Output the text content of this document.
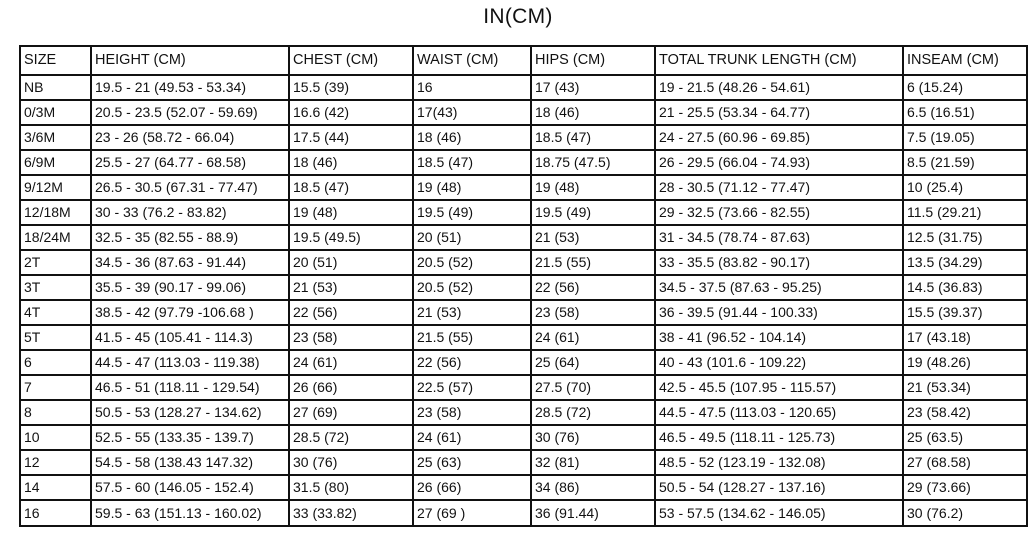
IN(CM)
SIZE	HEIGHT (CM)	CHEST (CM)	WAIST (CM)	HIPS (CM)	TOTAL TRUNK LENGTH (CM)	INSEAM (CM)
NB	19.5 - 21 (49.53 - 53.34)	15.5 (39)	16	17 (43)	19 - 21.5 (48.26 - 54.61)	6 (15.24)
0/3M	20.5 - 23.5 (52.07 - 59.69)	16.6 (42)	17(43)	18 (46)	21 - 25.5 (53.34 - 64.77)	6.5 (16.51)
3/6M	23 - 26 (58.72 - 66.04)	17.5 (44)	18 (46)	18.5 (47)	24 - 27.5 (60.96 - 69.85)	7.5 (19.05)
6/9M	25.5 - 27 (64.77 - 68.58)	18 (46)	18.5 (47)	18.75 (47.5)	26 - 29.5 (66.04 - 74.93)	8.5 (21.59)
9/12M	26.5 - 30.5 (67.31 - 77.47)	18.5 (47)	19 (48)	19 (48)	28 - 30.5 (71.12 - 77.47)	10 (25.4)
12/18M	30 - 33 (76.2 - 83.82)	19 (48)	19.5 (49)	19.5 (49)	29 - 32.5 (73.66 - 82.55)	11.5 (29.21)
18/24M	32.5 - 35 (82.55 - 88.9)	19.5 (49.5)	20 (51)	21 (53)	31 - 34.5 (78.74 - 87.63)	12.5 (31.75)
2T	34.5 - 36 (87.63 - 91.44)	20 (51)	20.5 (52)	21.5 (55)	33 - 35.5 (83.82 - 90.17)	13.5 (34.29)
3T	35.5 - 39 (90.17 - 99.06)	21 (53)	20.5 (52)	22 (56)	34.5 - 37.5 (87.63 - 95.25)	14.5 (36.83)
4T	38.5 - 42 (97.79 -106.68 )	22 (56)	21 (53)	23 (58)	36 - 39.5 (91.44 - 100.33)	15.5 (39.37)
5T	41.5 - 45 (105.41 - 114.3)	23 (58)	21.5 (55)	24 (61)	38 - 41 (96.52 - 104.14)	17 (43.18)
6	44.5 - 47 (113.03 - 119.38)	24 (61)	22 (56)	25 (64)	40 - 43 (101.6 - 109.22)	19 (48.26)
7	46.5 - 51 (118.11 - 129.54)	26 (66)	22.5 (57)	27.5 (70)	42.5 - 45.5 (107.95 - 115.57)	21 (53.34)
8	50.5 - 53 (128.27 - 134.62)	27 (69)	23 (58)	28.5 (72)	44.5 - 47.5 (113.03 - 120.65)	23 (58.42)
10	52.5 - 55 (133.35 - 139.7)	28.5 (72)	24 (61)	30 (76)	46.5 - 49.5 (118.11 - 125.73)	25 (63.5)
12	54.5 - 58 (138.43 147.32)	30 (76)	25 (63)	32 (81)	48.5 - 52 (123.19 - 132.08)	27 (68.58)
14	57.5 - 60 (146.05 - 152.4)	31.5 (80)	26 (66)	34 (86)	50.5 - 54 (128.27 - 137.16)	29 (73.66)
16	59.5 - 63 (151.13 - 160.02)	33 (33.82)	27 (69 )	36 (91.44)	53 - 57.5 (134.62 - 146.05)	30 (76.2)
